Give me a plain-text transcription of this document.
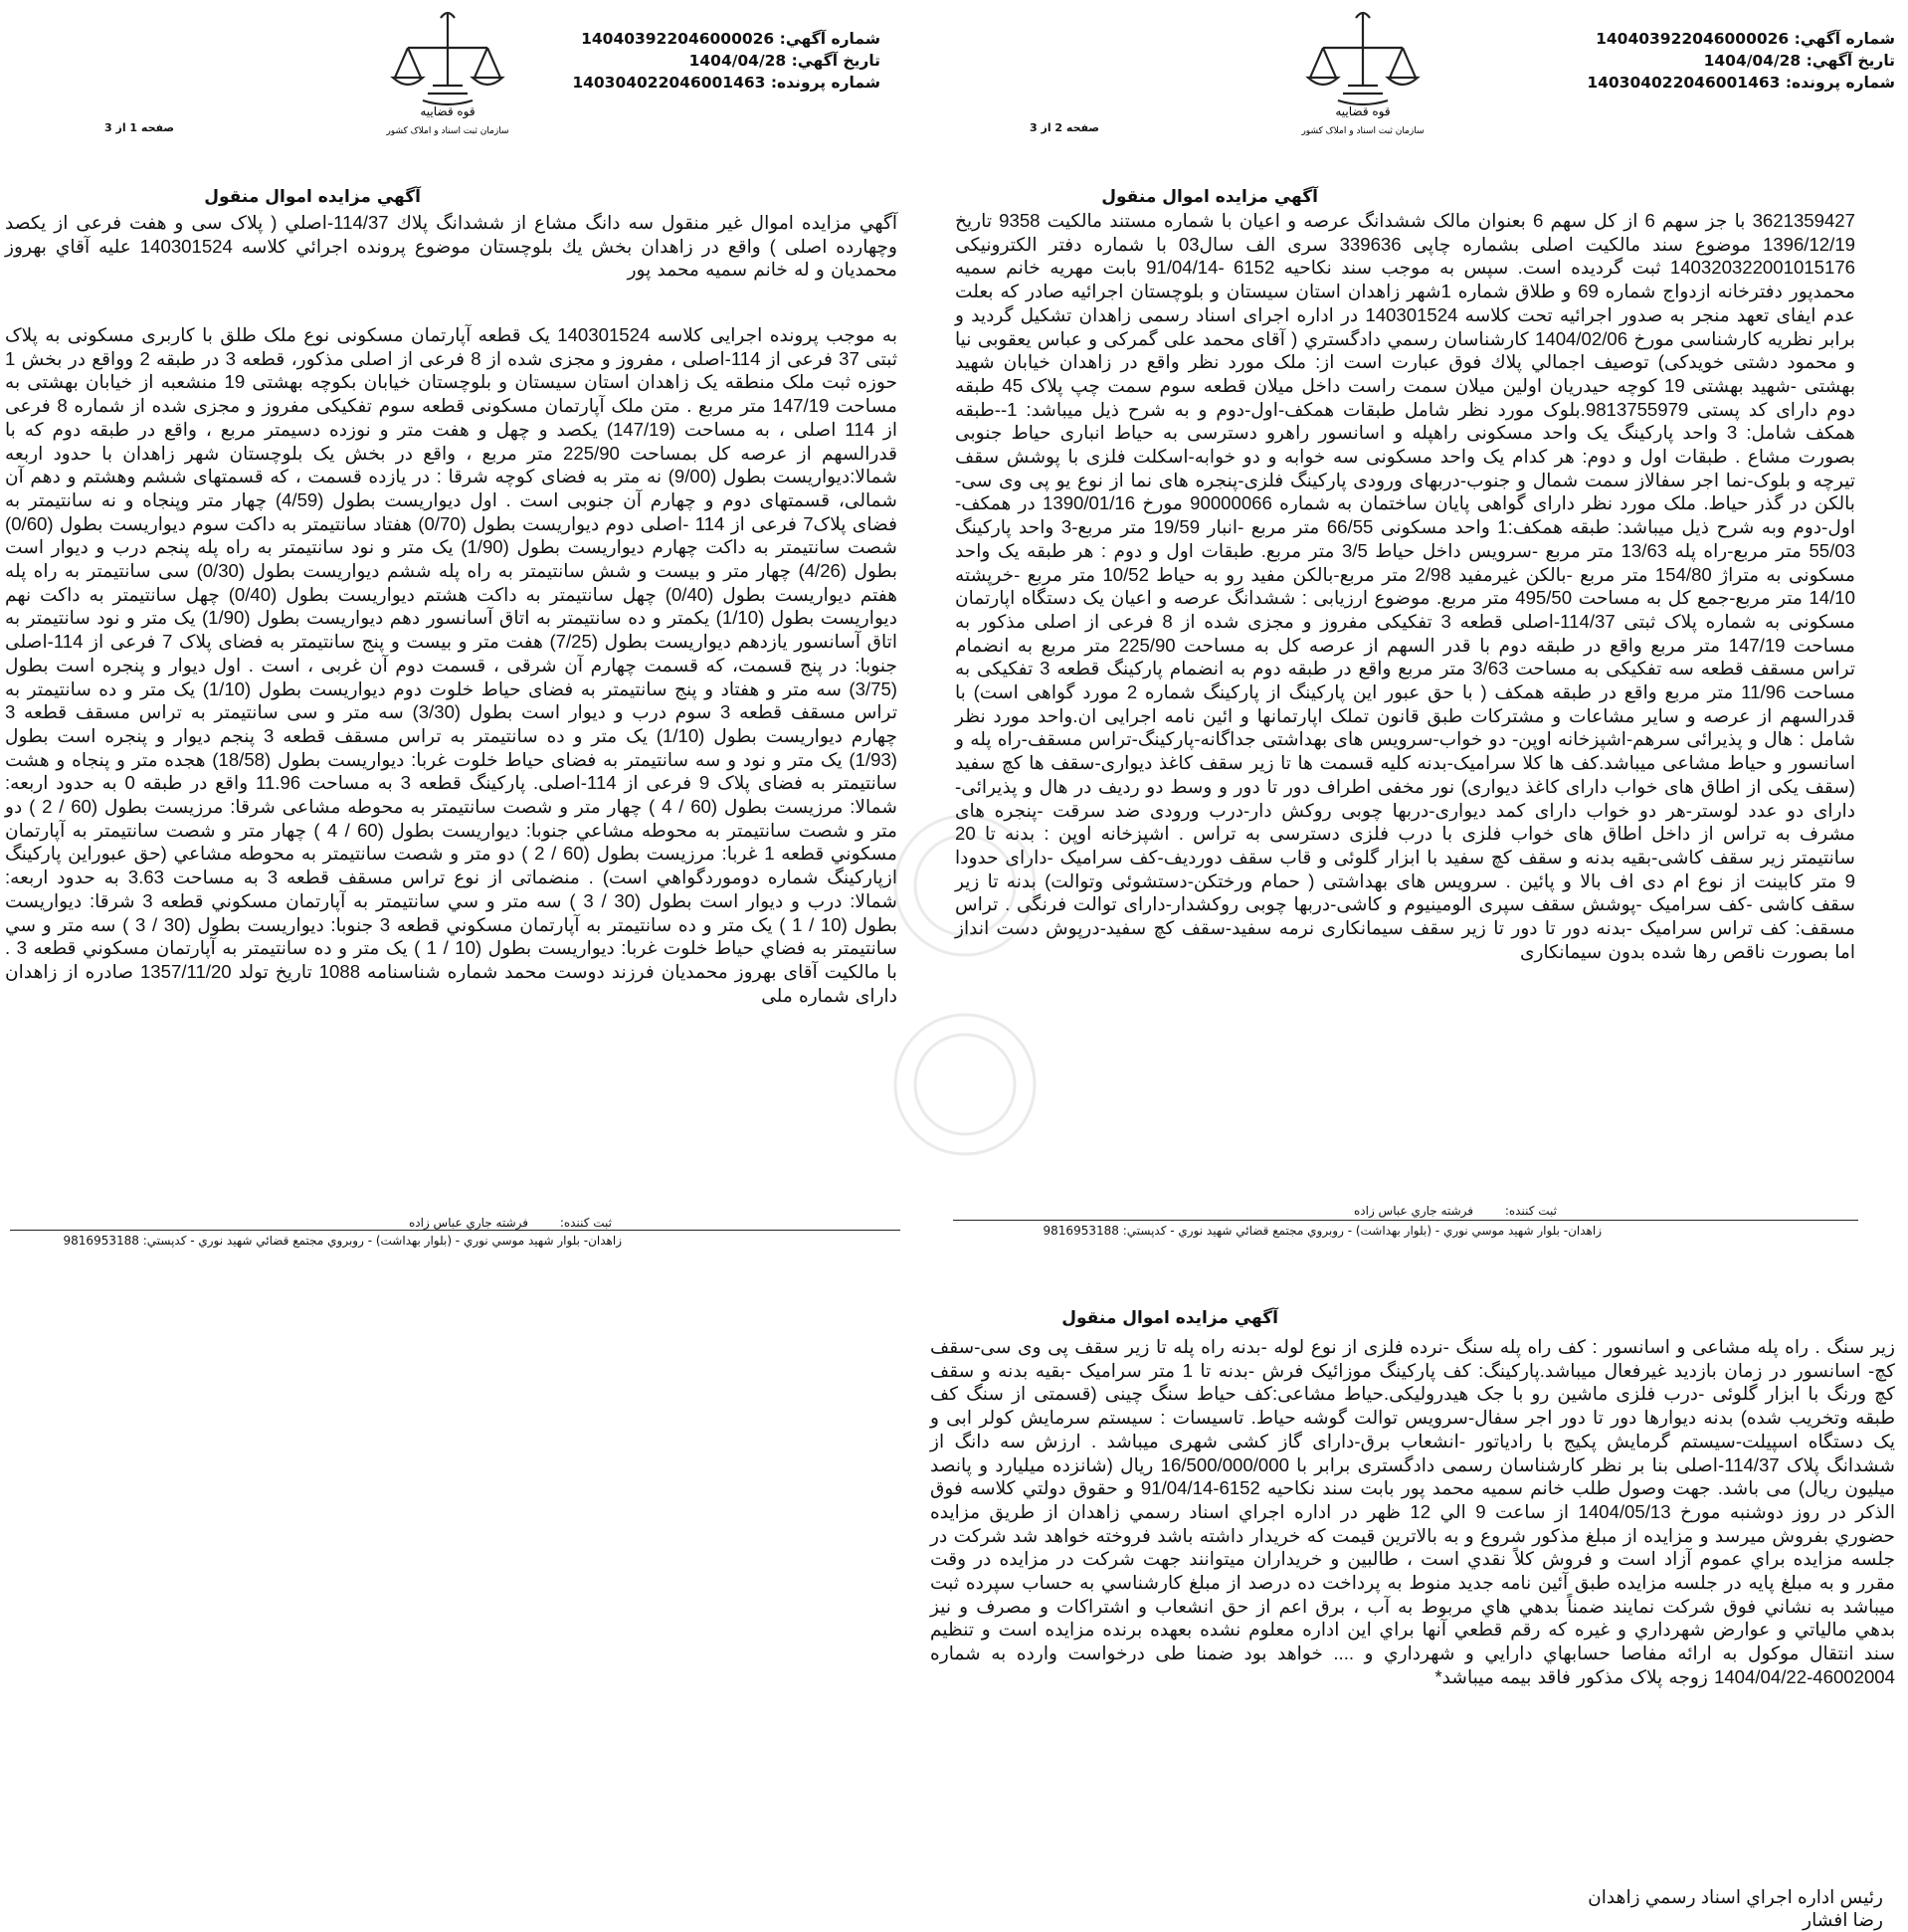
شماره آگهي: 140403922046000026
تاريخ آگهي: 1404/04/28
شماره پرونده: 140304022046001463
قوه قضاييه
سازمان ثبت اسناد و املاک کشور
صفحه 1 از 3
آگهي مزايده اموال منقول
آگهي مزايده اموال غير منقول سه دانگ مشاع از ششدانگ پلاك 114/37-اصلي ( پلاک سی و هفت فرعی از يكصد وچهارده اصلی ) واقع در زاهدان بخش يك بلوچستان موضوع پرونده اجرائي كلاسه 140301524 عليه آقاي بهروز محمديان و له خانم سميه محمد پور
به موجب پرونده اجرایی کلاسه 140301524 یک قطعه آپارتمان مسکونی نوع ملک طلق با کاربری مسکونی به پلاک ثبتی 37 فرعی از 114-اصلی ، مفروز و مجزی شده از 8 فرعی از اصلی مذکور، قطعه 3 در طبقه 2 وواقع در بخش 1 حوزه ثبت ملک منطقه یک زاهدان استان سیستان و بلوچستان خیابان بکوچه بهشتی 19 منشعبه از خیابان بهشتی به مساحت 147/19 متر مربع . متن ملک آپارتمان مسکونی قطعه سوم تفکیکی مفروز و مجزی شده از شماره 8 فرعی از 114 اصلی ، به مساحت (147/19) یکصد و چهل و هفت متر و نوزده دسیمتر مربع ، واقع در طبقه دوم که با قدرالسهم از عرصه کل بمساحت 225/90 متر مربع ، واقع در بخش یک بلوچستان شهر زاهدان با حدود اربعه شمالا:دیواریست بطول (9/00) نه متر به فضای کوچه شرقا : در یازده قسمت ، که قسمتهای ششم وهشتم و دهم آن شمالی، قسمتهای دوم و چهارم آن جنوبی است . اول دیواریست بطول (4/59) چهار متر وپنجاه و نه سانتیمتر به فضای پلاک7 فرعی از 114 -اصلی دوم دیواریست بطول (0/70) هفتاد سانتیمتر به داکت سوم دیواریست بطول (0/60) شصت سانتیمتر به داکت چهارم دیواریست بطول (1/90) یک متر و نود سانتیمتر به راه پله پنجم درب و دیوار است بطول (4/26) چهار متر و بیست و شش سانتیمتر به راه پله ششم دیواریست بطول (0/30) سی سانتیمتر به راه پله هفتم دیواریست بطول (0/40) چهل سانتیمتر به داکت هشتم دیواریست بطول (0/40) چهل سانتیمتر به داکت نهم دیواریست بطول (1/10) یکمتر و ده سانتیمتر به اتاق آسانسور دهم دیواریست بطول (1/90) یک متر و نود سانتیمتر به اتاق آسانسور یازدهم دیواریست بطول (7/25) هفت متر و بیست و پنج سانتیمتر به فضای پلاک 7 فرعی از 114-اصلی جنوبا: در پنج قسمت، که قسمت چهارم آن شرقی ، قسمت دوم آن غربی ، است . اول دیوار و پنجره است بطول (3/75) سه متر و هفتاد و پنج سانتیمتر به فضای حیاط خلوت دوم دیواریست بطول (1/10) یک متر و ده سانتیمتر به تراس مسقف قطعه 3 سوم درب و دیوار است بطول (3/30) سه متر و سی سانتیمتر به تراس مسقف قطعه 3 چهارم دیواریست بطول (1/10) یک متر و ده سانتیمتر به تراس مسقف قطعه 3 پنجم دیوار و پنجره است بطول (1/93) یک متر و نود و سه سانتیمتر به فضای حیاط خلوت غربا: دیواریست بطول (18/58) هجده متر و پنجاه و هشت سانتیمتر به فضای پلاک 9 فرعی از 114-اصلی. پارکینگ قطعه 3 به مساحت 11.96 واقع در طبقه 0 به حدود اربعه: شمالا: مرزیست بطول (60 / 4 ) چهار متر و شصت سانتیمتر به محوطه مشاعی شرقا: مرزیست بطول (60 / 2 ) دو متر و شصت سانتیمتر به محوطه مشاعي جنوبا: دیواریست بطول (60 / 4 ) چهار متر و شصت سانتیمتر به آپارتمان مسكوني قطعه 1 غربا: مرزیست بطول (60 / 2 ) دو متر و شصت سانتیمتر به محوطه مشاعي (حق عبوراين پارکینگ ازپاركينگ شماره دوموردگواهي است) . منضماتی از نوع تراس مسقف قطعه 3 به مساحت 3.63 به حدود اربعه: شمالا: درب و دیوار است بطول (30 / 3 ) سه متر و سي سانتیمتر به آپارتمان مسكوني قطعه 3 شرقا: دیواریست بطول (10 / 1 ) یک متر و ده سانتیمتر به آپارتمان مسكوني قطعه 3 جنوبا: دیواریست بطول (30 / 3 ) سه متر و سي سانتیمتر به فضاي حياط خلوت غربا: دیواریست بطول (10 / 1 ) یک متر و ده سانتیمتر به آپارتمان مسكوني قطعه 3 . با مالکیت آقای بهروز محمدیان فرزند دوست محمد شماره شناسنامه 1088 تاریخ تولد 1357/11/20 صادره از زاهدان دارای شماره ملی
ثبت کننده: فرشته جاري عباس زاده
زاهدان- بلوار شهيد موسي نوري - (بلوار بهداشت) - روبروي مجتمع قضائي شهيد نوري - کدپستي: 9816953188
شماره آگهي: 140403922046000026
تاريخ آگهي: 1404/04/28
شماره پرونده: 140304022046001463
قوه قضاييه
سازمان ثبت اسناد و املاک کشور
صفحه 2 از 3
آگهي مزايده اموال منقول
3621359427 با جز سهم 6 از کل سهم 6 بعنوان مالک ششدانگ عرصه و اعیان با شماره مستند مالکیت 9358 تاریخ 1396/12/19 موضوع سند مالکیت اصلی بشماره چاپی 339636 سری الف سال03 با شماره دفتر الکترونیکی 140320322001015176 ثبت گردیده است. سپس به موجب سند نکاحیه 6152 -91/04/14 بابت مهریه خانم سمیه محمدپور دفترخانه ازدواج شماره 69 و طلاق شماره 1شهر زاهدان استان سیستان و بلوچستان اجرائیه صادر که بعلت عدم ایفای تعهد منجر به صدور اجرائیه تحت کلاسه 140301524 در اداره اجرای اسناد رسمی زاهدان تشکیل گردید و برابر نظریه کارشناسی مورخ 1404/02/06 کارشناسان رسمي دادگستري ( آقای محمد علی گمرکی و عباس یعقوبی نیا و محمود دشتی خویدکی) توصيف اجمالي پلاك فوق عبارت است از: ملک مورد نظر واقع در زاهدان خیابان شهید بهشتی -شهید بهشتی 19 کوچه حیدریان اولین میلان سمت راست داخل میلان قطعه سوم سمت چپ پلاک 45 طبقه دوم دارای کد پستی 9813755979.بلوک مورد نظر شامل طبقات همکف-اول-دوم و به شرح ذیل میباشد: 1--طبقه همکف شامل: 3 واحد پارکینگ یک واحد مسکونی راهپله و اسانسور راهرو دسترسی به حیاط انباری حیاط جنوبی بصورت مشاع . طبقات اول و دوم: هر کدام یک واحد مسکونی سه خوابه و دو خوابه-اسکلت فلزی با پوشش سقف تیرچه و بلوک-نما اجر سفالاز سمت شمال و جنوب-دربهای ورودی پارکینگ فلزی-پنجره های نما از نوع یو پی وی سی-بالکن در گذر حیاط. ملک مورد نظر دارای گواهی پایان ساختمان به شماره 90000066 مورخ 1390/01/16 در همکف-اول-دوم وبه شرح ذیل میباشد: طبقه همکف:1 واحد مسکونی 66/55 متر مربع -انبار 19/59 متر مربع-3 واحد پارکینگ 55/03 متر مربع-راه پله 13/63 متر مربع -سرویس داخل حیاط 3/5 متر مربع. طبقات اول و دوم : هر طبقه یک واحد مسکونی به متراژ 154/80 متر مربع -بالکن غیرمفید 2/98 متر مربع-بالکن مفید رو به حیاط 10/52 متر مربع -خرپشته 14/10 متر مربع-جمع کل به مساحت 495/50 متر مربع. موضوع ارزیابی : ششدانگ عرصه و اعیان یک دستگاه اپارتمان مسکونی به شماره پلاک ثبتی 114/37-اصلی قطعه 3 تفکیکی مفروز و مجزی شده از 8 فرعی از اصلی مذکور به مساحت 147/19 متر مربع واقع در طبقه دوم با قدر السهم از عرصه کل به مساحت 225/90 متر مربع به انضمام تراس مسقف قطعه سه تفکیکی به مساحت 3/63 متر مربع واقع در طبقه دوم به انضمام پارکینگ قطعه 3 تفکیکی به مساحت 11/96 متر مربع واقع در طبقه همکف ( با حق عبور این پارکینگ از پارکینگ شماره 2 مورد گواهی است) با قدرالسهم از عرصه و سایر مشاعات و مشترکات طبق قانون تملک اپارتمانها و ائین نامه اجرایی ان.واحد مورد نظر شامل : هال و پذیرائی سرهم-اشپزخانه اوپن- دو خواب-سرویس های بهداشتی جداگانه-پارکینگ-تراس مسقف-راه پله و اسانسور و حیاط مشاعی میباشد.کف ها کلا سرامیک-بدنه کلیه قسمت ها تا زیر سقف کاغذ دیواری-سقف ها کچ سفید (سقف یکی از اطاق های خواب دارای کاغذ دیواری) نور مخفی اطراف دور تا دور و وسط دو ردیف در هال و پذیرائی-دارای دو عدد لوستر-هر دو خواب دارای کمد دیواری-دربها چوبی روکش دار-درب ورودی ضد سرقت -پنجره های مشرف به تراس از داخل اطاق های خواب فلزی با درب فلزی دسترسی به تراس . اشپزخانه اوپن : بدنه تا 20 سانتیمتر زیر سقف کاشی-بقیه بدنه و سقف کچ سفید با ابزار گلوئی و قاب سقف دوردیف-کف سرامیک -دارای حدودا 9 متر کابینت از نوع ام دی اف بالا و پائین . سرویس های بهداشتی ( حمام ورختکن-دستشوئی وتوالت) بدنه تا زیر سقف کاشی -کف سرامیک -پوشش سقف سپری الومینیوم و کاشی-دربها چوبی روکشدار-دارای توالت فرنگی . تراس مسقف: کف تراس سرامیک -بدنه دور تا دور تا زیر سقف سیمانکاری نرمه سفید-سقف کچ سفید-درپوش دست انداز اما بصورت ناقص رها شده بدون سیمانکاری
ثبت کننده: فرشته جاري عباس زاده
زاهدان- بلوار شهيد موسي نوري - (بلوار بهداشت) - روبروي مجتمع قضائي شهيد نوري - کدپستي: 9816953188
آگهي مزايده اموال منقول
زیر سنگ . راه پله مشاعی و اسانسور : کف راه پله سنگ -نرده فلزی از نوع لوله -بدنه راه پله تا زیر سقف پی وی سی-سقف کچ- اسانسور در زمان بازدید غیرفعال میباشد.پارکینگ: کف پارکینگ موزائیک فرش -بدنه تا 1 متر سرامیک -بقیه بدنه و سقف کچ ورنگ با ابزار گلوئی -درب فلزی ماشین رو با جک هیدرولیکی.حیاط مشاعی:کف حیاط سنگ چینی (قسمتی از سنگ کف طبقه وتخریب شده) بدنه دیوارها دور تا دور اجر سفال-سرویس توالت گوشه حیاط. تاسیسات : سیستم سرمایش کولر ابی و یک دستگاه اسپیلت-سیستم گرمایش پکیج با رادیاتور -انشعاب برق-دارای گاز کشی شهری میباشد . ارزش سه دانگ از ششدانگ پلاک 114/37-اصلی بنا بر نظر کارشناسان رسمی دادگستری برابر با 16/500/000/000 ریال (شانزده میلیارد و پانصد میلیون ریال) می باشد. جهت وصول طلب خانم سميه محمد پور بابت سند نکاحیه 6152-91/04/14 و حقوق دولتي كلاسه فوق الذكر در روز دوشنبه مورخ 1404/05/13 از ساعت 9 الي 12 ظهر در اداره اجراي اسناد رسمي زاهدان از طريق مزايده حضوري بفروش ميرسد و مزايده از مبلغ مذكور شروع و به بالاترين قيمت كه خريدار داشته باشد فروخته خواهد شد شركت در جلسه مزايده براي عموم آزاد است و فروش كلاً نقدي است ، طالبين و خريداران ميتوانند جهت شركت در مزايده در وقت مقرر و به مبلغ پايه در جلسه مزايده طبق آئين نامه جديد منوط به پرداخت ده درصد از مبلغ كارشناسي به حساب سپرده ثبت ميباشد به نشاني فوق شركت نمايند ضمناً بدهي هاي مربوط به آب ، برق اعم از حق انشعاب و اشتراكات و مصرف و نيز بدهي مالياتي و عوارض شهرداري و غيره كه رقم قطعي آنها براي اين اداره معلوم نشده بعهده برنده مزايده است و تنظيم سند انتقال موكول به ارائه مفاصا حسابهاي دارايي و شهرداري و .... خواهد بود ضمنا طی درخواست وارده به شماره 46002004-1404/04/22 زوجه پلاک مذکور فاقد بیمه میباشد*
رئيس اداره اجراي اسناد رسمي زاهدان
رضا افشار
